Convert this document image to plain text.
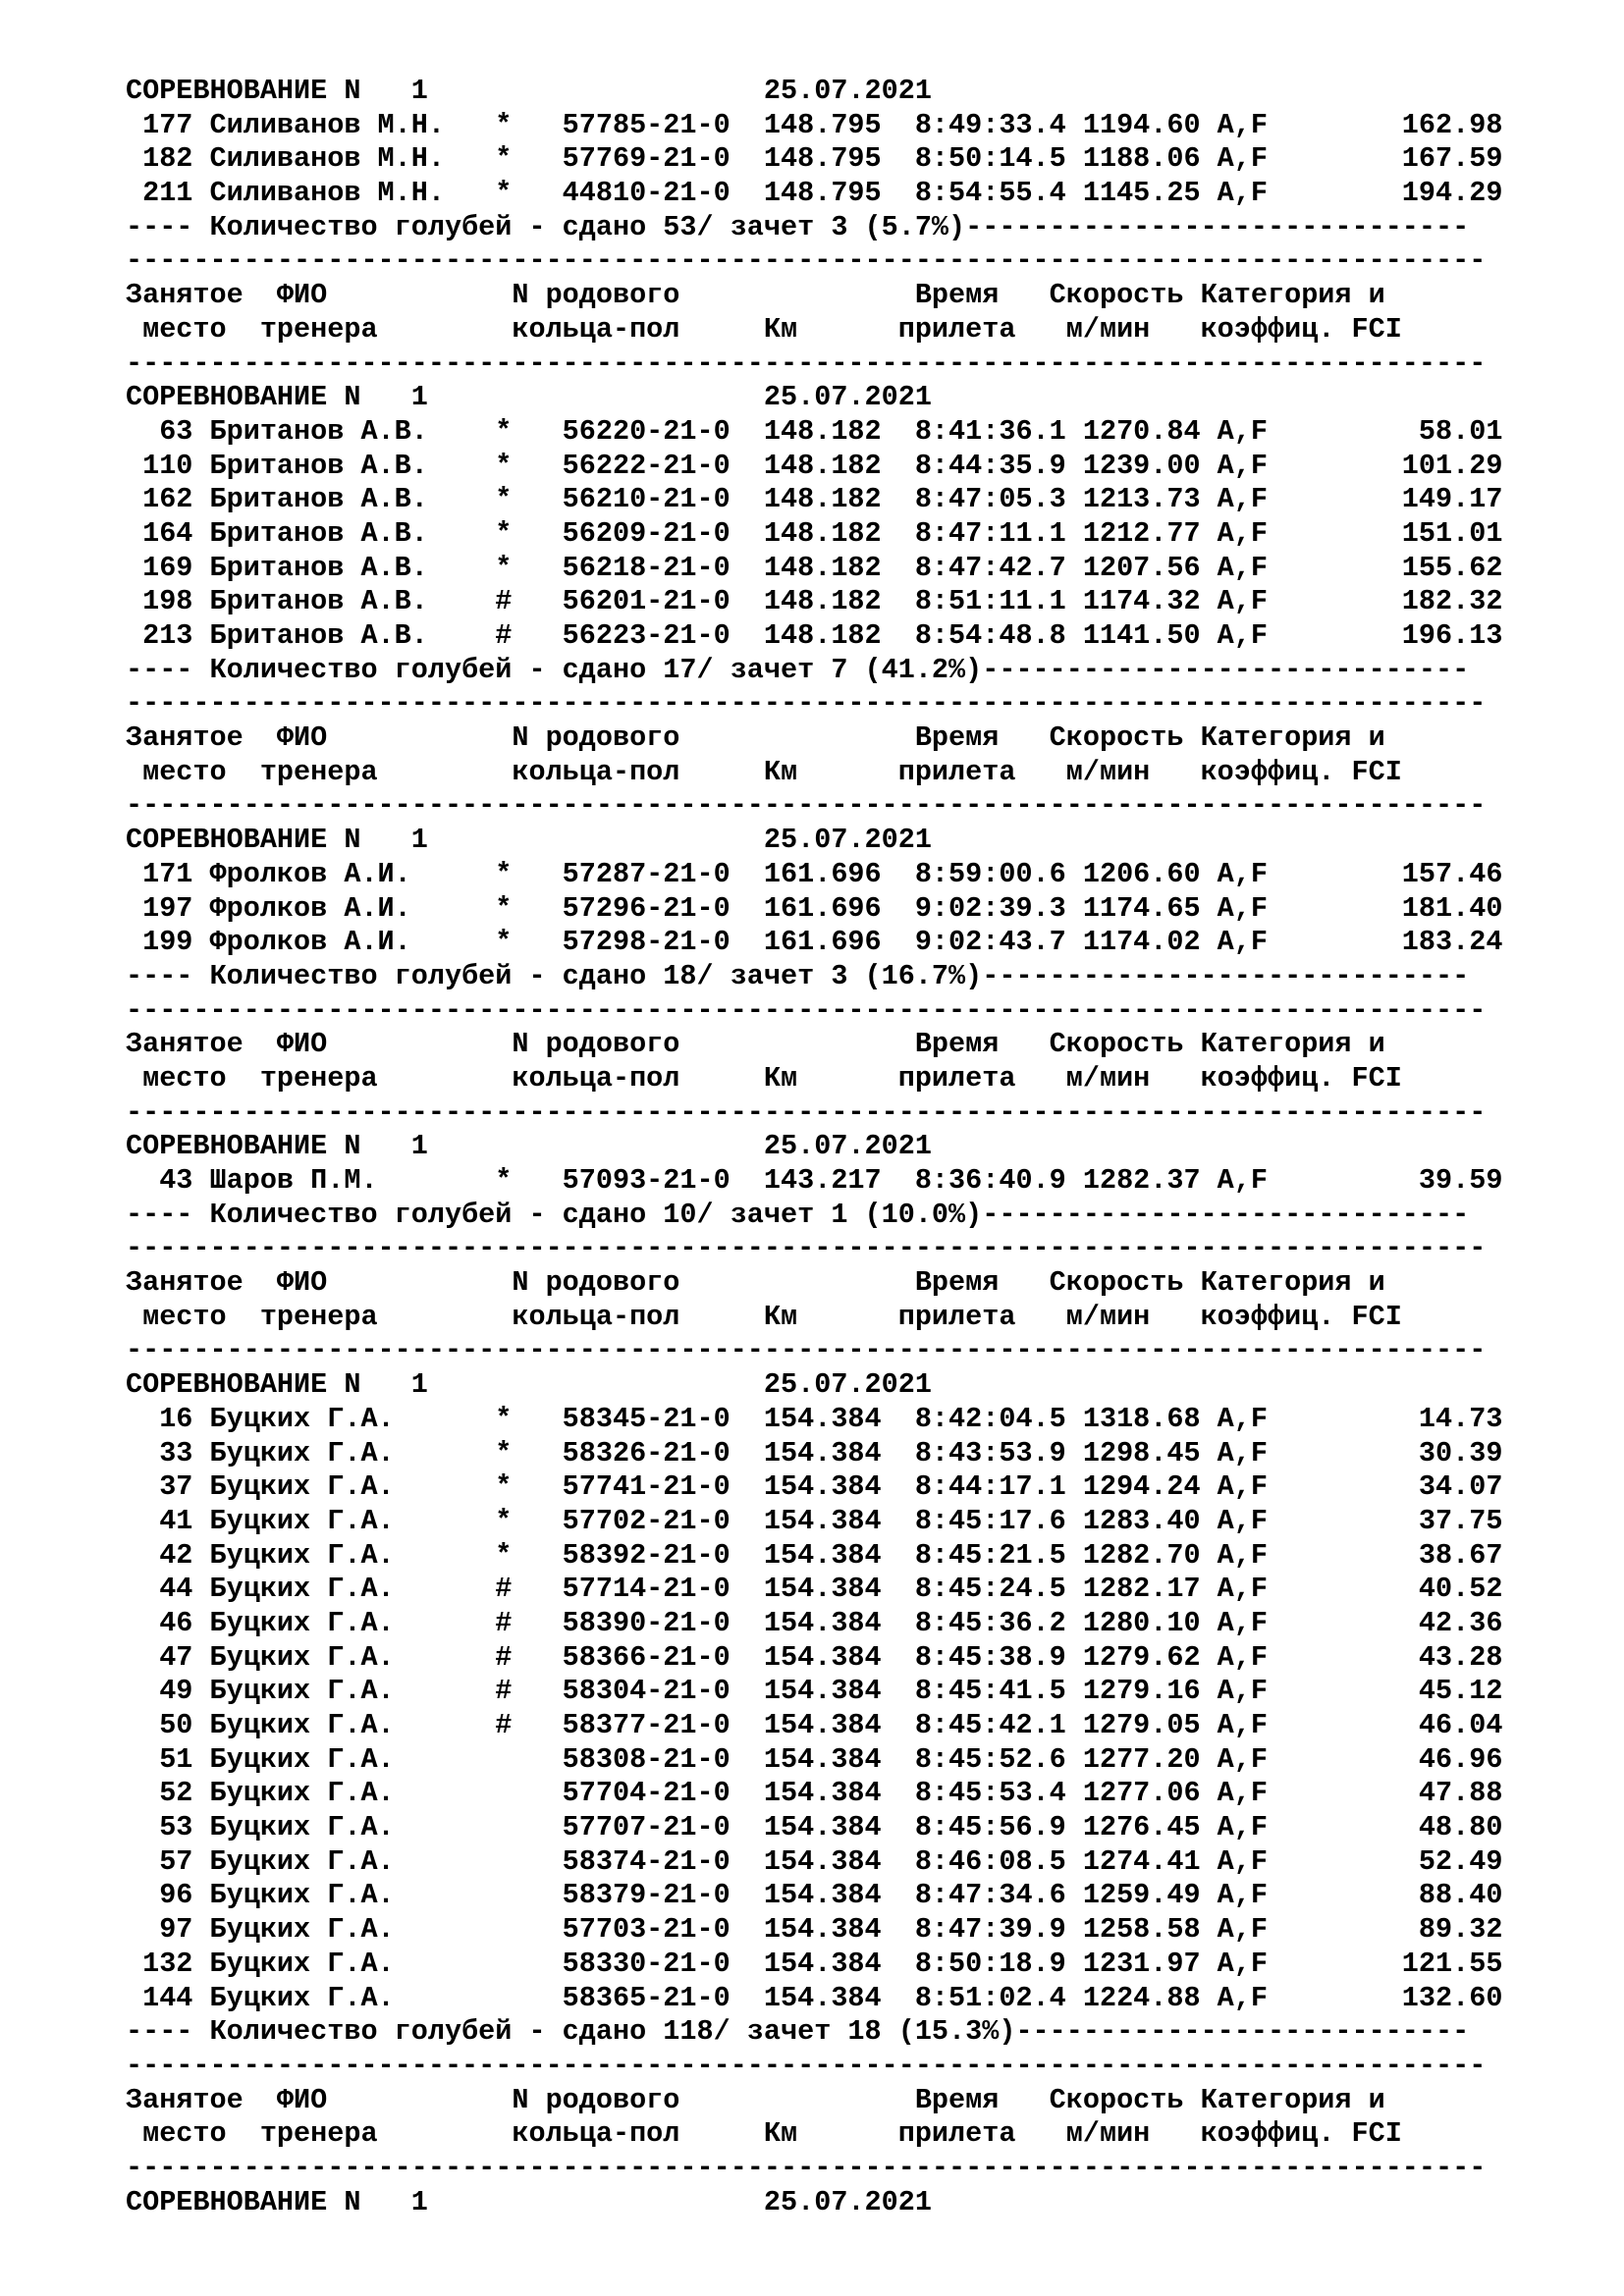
СОРЕВНОВАНИЕ N   1                    25.07.2021
177 Силиванов М.Н.   *   57785-21-0  148.795  8:49:33.4 1194.60 A,F        162.98
182 Силиванов М.Н.   *   57769-21-0  148.795  8:50:14.5 1188.06 A,F        167.59
211 Силиванов М.Н.   *   44810-21-0  148.795  8:54:55.4 1145.25 A,F        194.29
---- Количество голубей - сдано 53/ зачет 3 (5.7%)------------------------------
---------------------------------------------------------------------------------
Занятое  ФИО           N родового              Время   Скорость Категория и
место  тренера        кольца-пол     Км      прилета   м/мин   коэффиц. FCI
---------------------------------------------------------------------------------
СОРЕВНОВАНИЕ N   1                    25.07.2021
63 Британов А.В.    *   56220-21-0  148.182  8:41:36.1 1270.84 A,F         58.01
110 Британов А.В.    *   56222-21-0  148.182  8:44:35.9 1239.00 A,F        101.29
162 Британов А.В.    *   56210-21-0  148.182  8:47:05.3 1213.73 A,F        149.17
164 Британов А.В.    *   56209-21-0  148.182  8:47:11.1 1212.77 A,F        151.01
169 Британов А.В.    *   56218-21-0  148.182  8:47:42.7 1207.56 A,F        155.62
198 Британов А.В.    #   56201-21-0  148.182  8:51:11.1 1174.32 A,F        182.32
213 Британов А.В.    #   56223-21-0  148.182  8:54:48.8 1141.50 A,F        196.13
---- Количество голубей - сдано 17/ зачет 7 (41.2%)-----------------------------
---------------------------------------------------------------------------------
Занятое  ФИО           N родового              Время   Скорость Категория и
место  тренера        кольца-пол     Км      прилета   м/мин   коэффиц. FCI
---------------------------------------------------------------------------------
СОРЕВНОВАНИЕ N   1                    25.07.2021
171 Фролков А.И.     *   57287-21-0  161.696  8:59:00.6 1206.60 A,F        157.46
197 Фролков А.И.     *   57296-21-0  161.696  9:02:39.3 1174.65 A,F        181.40
199 Фролков А.И.     *   57298-21-0  161.696  9:02:43.7 1174.02 A,F        183.24
---- Количество голубей - сдано 18/ зачет 3 (16.7%)-----------------------------
---------------------------------------------------------------------------------
Занятое  ФИО           N родового              Время   Скорость Категория и
место  тренера        кольца-пол     Км      прилета   м/мин   коэффиц. FCI
---------------------------------------------------------------------------------
СОРЕВНОВАНИЕ N   1                    25.07.2021
43 Шаров П.М.       *   57093-21-0  143.217  8:36:40.9 1282.37 A,F         39.59
---- Количество голубей - сдано 10/ зачет 1 (10.0%)-----------------------------
---------------------------------------------------------------------------------
Занятое  ФИО           N родового              Время   Скорость Категория и
место  тренера        кольца-пол     Км      прилета   м/мин   коэффиц. FCI
---------------------------------------------------------------------------------
СОРЕВНОВАНИЕ N   1                    25.07.2021
16 Буцких Г.А.      *   58345-21-0  154.384  8:42:04.5 1318.68 A,F         14.73
33 Буцких Г.А.      *   58326-21-0  154.384  8:43:53.9 1298.45 A,F         30.39
37 Буцких Г.А.      *   57741-21-0  154.384  8:44:17.1 1294.24 A,F         34.07
41 Буцких Г.А.      *   57702-21-0  154.384  8:45:17.6 1283.40 A,F         37.75
42 Буцких Г.А.      *   58392-21-0  154.384  8:45:21.5 1282.70 A,F         38.67
44 Буцких Г.А.      #   57714-21-0  154.384  8:45:24.5 1282.17 A,F         40.52
46 Буцких Г.А.      #   58390-21-0  154.384  8:45:36.2 1280.10 A,F         42.36
47 Буцких Г.А.      #   58366-21-0  154.384  8:45:38.9 1279.62 A,F         43.28
49 Буцких Г.А.      #   58304-21-0  154.384  8:45:41.5 1279.16 A,F         45.12
50 Буцких Г.А.      #   58377-21-0  154.384  8:45:42.1 1279.05 A,F         46.04
51 Буцких Г.А.          58308-21-0  154.384  8:45:52.6 1277.20 A,F         46.96
52 Буцких Г.А.          57704-21-0  154.384  8:45:53.4 1277.06 A,F         47.88
53 Буцких Г.А.          57707-21-0  154.384  8:45:56.9 1276.45 A,F         48.80
57 Буцких Г.А.          58374-21-0  154.384  8:46:08.5 1274.41 A,F         52.49
96 Буцких Г.А.          58379-21-0  154.384  8:47:34.6 1259.49 A,F         88.40
97 Буцких Г.А.          57703-21-0  154.384  8:47:39.9 1258.58 A,F         89.32
132 Буцких Г.А.          58330-21-0  154.384  8:50:18.9 1231.97 A,F        121.55
144 Буцких Г.А.          58365-21-0  154.384  8:51:02.4 1224.88 A,F        132.60
---- Количество голубей - сдано 118/ зачет 18 (15.3%)---------------------------
---------------------------------------------------------------------------------
Занятое  ФИО           N родового              Время   Скорость Категория и
место  тренера        кольца-пол     Км      прилета   м/мин   коэффиц. FCI
---------------------------------------------------------------------------------
СОРЕВНОВАНИЕ N   1                    25.07.2021
